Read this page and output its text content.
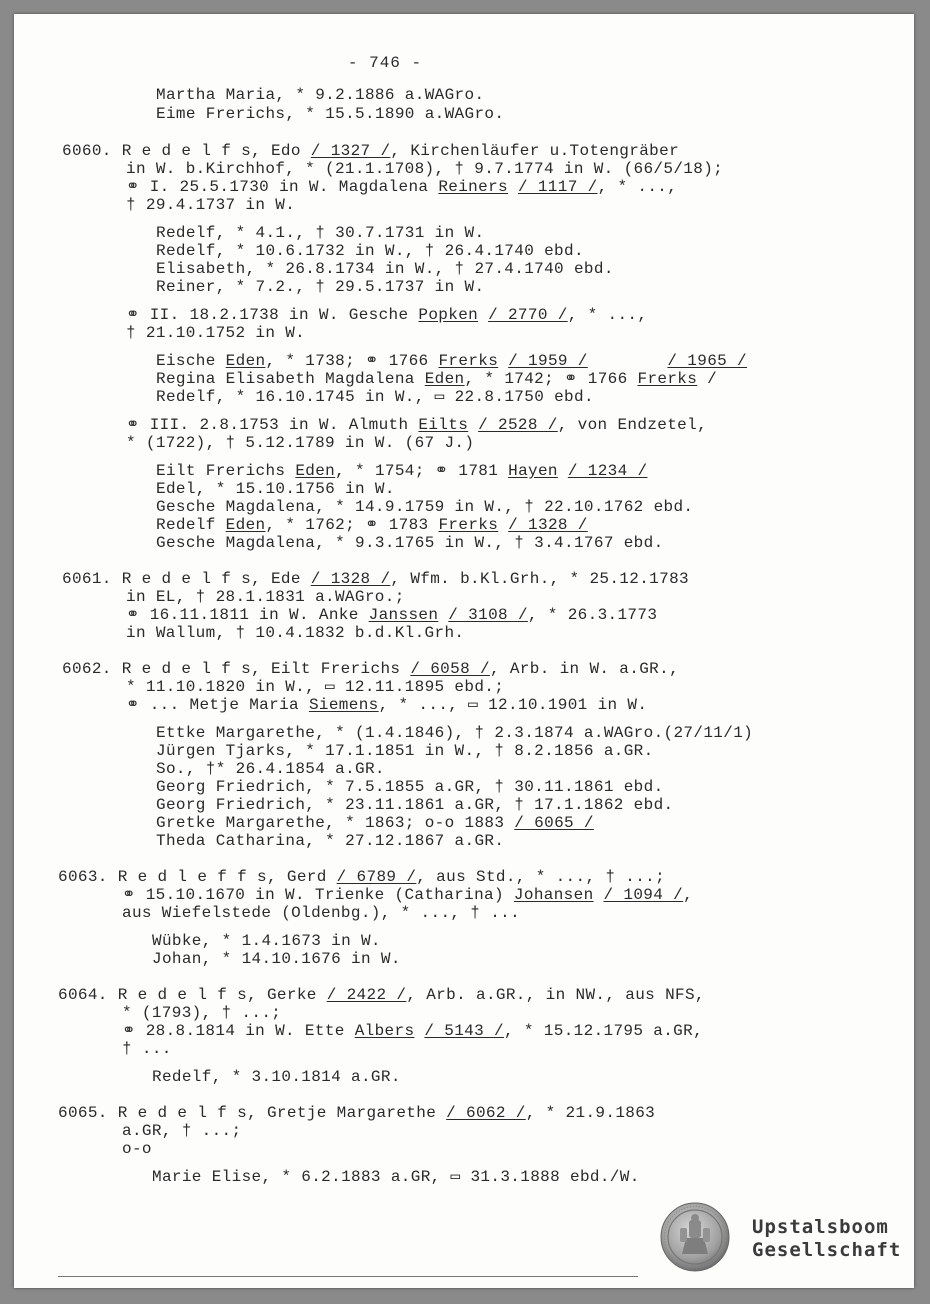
- 746 -
Martha Maria, * 9.2.1886 a.WAGro.
Eime Frerichs, * 15.5.1890 a.WAGro.
6060. R e d e l f s, Edo / 1327 /, Kirchenläufer u.Totengräber
in W. b.Kirchhof, * (21.1.1708), † 9.7.1774 in W. (66/5/18);
⚭ I. 25.5.1730 in W. Magdalena Reiners / 1117 /, * ...,
† 29.4.1737 in W.
Redelf, * 4.1., † 30.7.1731 in W.
Redelf, * 10.6.1732 in W., † 26.4.1740 ebd.
Elisabeth, * 26.8.1734 in W., † 27.4.1740 ebd.
Reiner, * 7.2., † 29.5.1737 in W.
⚭ II. 18.2.1738 in W. Gesche Popken / 2770 /, * ...,
† 21.10.1752 in W.
Eische Eden, * 1738; ⚭ 1766 Frerks / 1959 /	/ 1965 /
Regina Elisabeth Magdalena Eden, * 1742; ⚭ 1766 Frerks /
Redelf, * 16.10.1745 in W., ▭ 22.8.1750 ebd.
⚭ III. 2.8.1753 in W. Almuth Eilts / 2528 /, von Endzetel,
* (1722), † 5.12.1789 in W. (67 J.)
Eilt Frerichs Eden, * 1754; ⚭ 1781 Hayen / 1234 /
Edel, * 15.10.1756 in W.
Gesche Magdalena, * 14.9.1759 in W., † 22.10.1762 ebd.
Redelf Eden, * 1762; ⚭ 1783 Frerks / 1328 /
Gesche Magdalena, * 9.3.1765 in W., † 3.4.1767 ebd.
6061. R e d e l f s, Ede / 1328 /, Wfm. b.Kl.Grh., * 25.12.1783
in EL, † 28.1.1831 a.WAGro.;
⚭ 16.11.1811 in W. Anke Janssen / 3108 /, * 26.3.1773
in Wallum, † 10.4.1832 b.d.Kl.Grh.
6062. R e d e l f s, Eilt Frerichs / 6058 /, Arb. in W. a.GR.,
* 11.10.1820 in W., ▭ 12.11.1895 ebd.;
⚭ ... Metje Maria Siemens, * ..., ▭ 12.10.1901 in W.
Ettke Margarethe, * (1.4.1846), † 2.3.1874 a.WAGro.(27/11/1)
Jürgen Tjarks, * 17.1.1851 in W., † 8.2.1856 a.GR.
So., †* 26.4.1854 a.GR.
Georg Friedrich, * 7.5.1855 a.GR, † 30.11.1861 ebd.
Georg Friedrich, * 23.11.1861 a.GR, † 17.1.1862 ebd.
Gretke Margarethe, * 1863; o-o 1883 / 6065 /
Theda Catharina, * 27.12.1867 a.GR.
6063. R e d l e f f s, Gerd / 6789 /, aus Std., * ..., † ...;
⚭ 15.10.1670 in W. Trienke (Catharina) Johansen / 1094 /,
aus Wiefelstede (Oldenbg.), * ..., † ...
Wübke, * 1.4.1673 in W.
Johan, * 14.10.1676 in W.
6064. R e d e l f s, Gerke / 2422 /, Arb. a.GR., in NW., aus NFS,
* (1793), † ...;
⚭ 28.8.1814 in W. Ette Albers / 5143 /, * 15.12.1795 a.GR,
† ...
Redelf, * 3.10.1814 a.GR.
6065. R e d e l f s, Gretje Margarethe / 6062 /, * 21.9.1863
a.GR, † ...;
o-o
Marie Elise, * 6.2.1883 a.GR, ▭ 31.3.1888 ebd./W.
Upstalsboom
Gesellschaft
